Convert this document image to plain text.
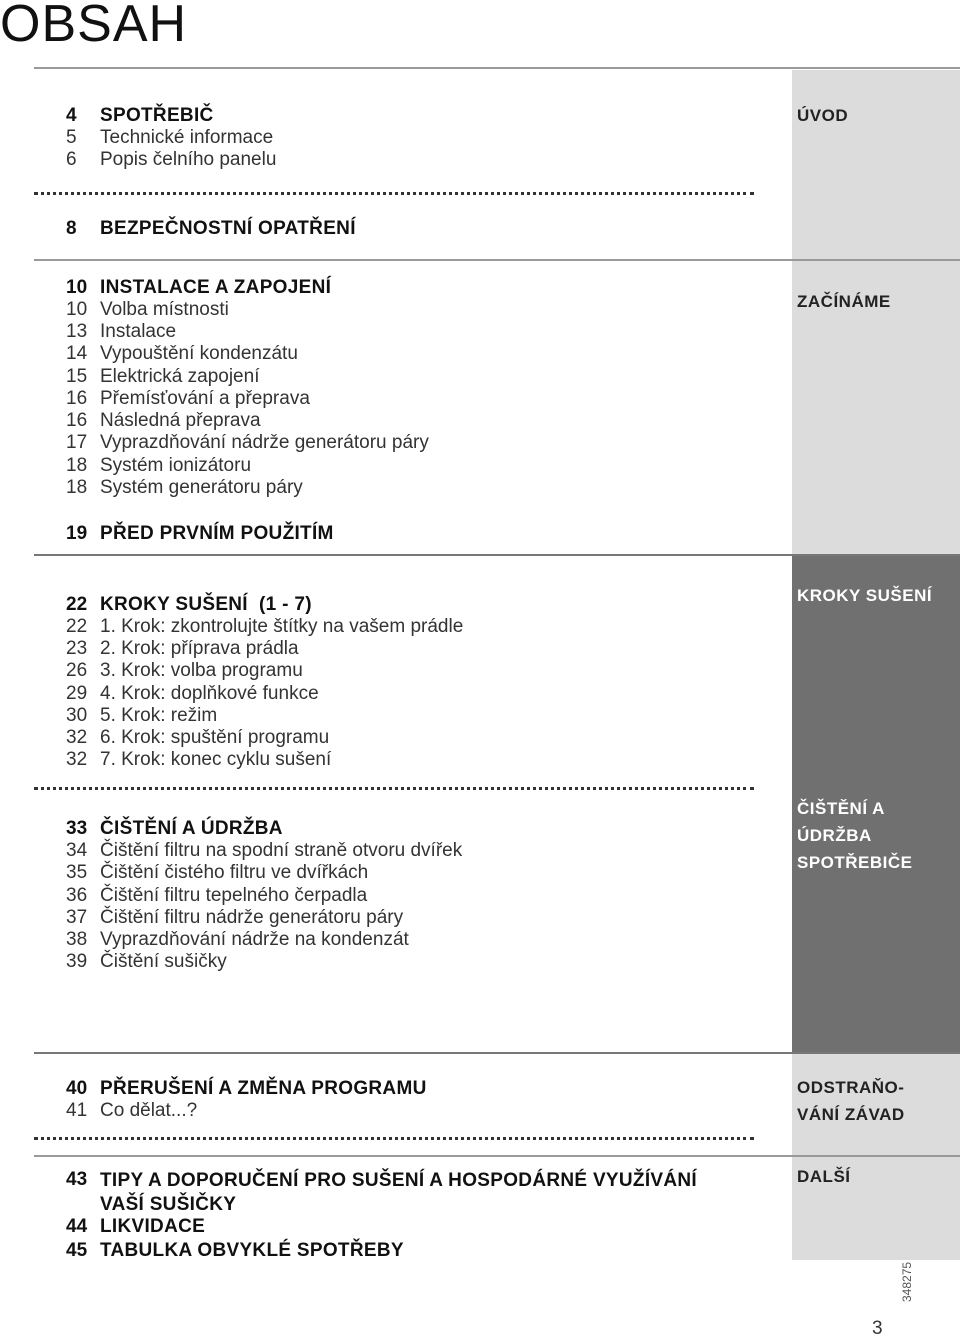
OBSAH
ÚVOD
ZAČÍNÁME
KROKY SUŠENÍ
ČIŠTĚNÍ A
ÚDRŽBA
SPOTŘEBIČE
ODSTRAŇO-
VÁNÍ ZÁVAD
DALŠÍ
4 SPOTŘEBIČ
5 Technické informace
6 Popis čelního panelu
8 BEZPEČNOSTNÍ OPATŘENÍ
10 INSTALACE A ZAPOJENÍ
10 Volba místnosti
13 Instalace
14 Vypouštění kondenzátu
15 Elektrická zapojení
16 Přemísťování a přeprava
16 Následná přeprava
17 Vyprazdňování nádrže generátoru páry
18 Systém ionizátoru
18 Systém generátoru páry
19 PŘED PRVNÍM POUŽITÍM
22 KROKY SUŠENÍ  (1 - 7)
22 1. Krok: zkontrolujte štítky na vašem prádle
23 2. Krok: příprava prádla
26 3. Krok: volba programu
29 4. Krok: doplňkové funkce
30 5. Krok: režim
32 6. Krok: spuštění programu
32 7. Krok: konec cyklu sušení
33 ČIŠTĚNÍ A ÚDRŽBA
34 Čištění filtru na spodní straně otvoru dvířek
35 Čištění čistého filtru ve dvířkách
36 Čištění filtru tepelného čerpadla
37 Čištění filtru nádrže generátoru páry
38 Vyprazdňování nádrže na kondenzát
39 Čištění sušičky
40 PŘERUŠENÍ A ZMĚNA PROGRAMU
41 Co dělat...?
43 TIPY A DOPORUČENÍ PRO SUŠENÍ A HOSPODÁRNÉ VYUŽÍVÁNÍ VAŠÍ SUŠIČKY
44 LIKVIDACE
45 TABULKA OBVYKLÉ SPOTŘEBY
3
348275
